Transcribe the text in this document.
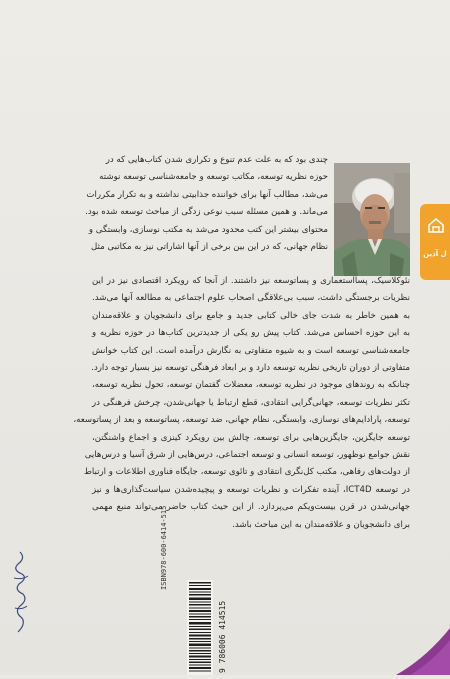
ل آذین
چندی بود که به علت عدم تنوع و تکراری شدن کتاب‌هایی که در
حوزه نظریه توسعه، مکاتب توسعه و جامعه‌شناسی توسعه نوشته
می‌شد، مطالب آنها برای خواننده جذابیتی نداشته و به تکرار مکررات
می‌ماند. و همین مسئله سبب نوعی زدگی از مباحث توسعه شده بود.
محتوای بیشتر این کتب محدود می‌شد به مکتب نوسازی، وابستگی و
نظام جهانی، که در این بین برخی از آنها اشاراتی نیز به مکاتبی مثل
نئوکلاسیک، پسااستعماری و پساتوسعه نیز داشتند. از آنجا که رویکرد اقتصادی نیز در این
نظریات برجستگی داشت، سبب بی‌علاقگی اصحاب علوم اجتماعی به مطالعه آنها می‌شد.
به همین خاطر به شدت جای خالی کتابی جدید و جامع برای دانشجویان و علاقه‌مندان
به این حوزه احساس می‌شد. کتاب پیش رو یکی از جدیدترین کتاب‌ها در حوزه نظریه و
جامعه‌شناسی توسعه است و به شیوه متفاوتی به نگارش درآمده است. این کتاب خوانش
متفاوتی از دوران تاریخی نظریه توسعه دارد و بر ابعاد فرهنگی توسعه نیز بسیار توجه دارد.
چنانکه به روندهای موجود در نظریه توسعه، معضلات گفتمان توسعه، تحول نظریه توسعه،
تکثر نظریات توسعه، جهانی‌گرایی انتقادی، قطع ارتباط یا جهانی‌شدن، چرخش فرهنگی در
توسعه، پارادایم‌های نوسازی، وابستگی، نظام جهانی، ضد توسعه، پساتوسعه و بعد از پساتوسعه،
توسعه جایگزین، جایگزین‌هایی برای توسعه، چالش بین رویکرد کینزی و اجماع واشنگتن،
نقش جوامع نوظهور، توسعه انسانی و توسعه اجتماعی، درس‌هایی از شرق آسیا و درس‌هایی
از دولت‌های رفاهی، مکتب کل‌نگری انتقادی و تائوی توسعه، جایگاه فناوری اطلاعات و ارتباط
در توسعه ICT4D، آینده تفکرات و نظریات توسعه و پیچیده‌شدن سیاست‌گذاری‌ها و نیز
جهانی‌شدن در قرن بیست‌ویکم می‌پردازد. از این حیث کتاب حاضر می‌تواند منبع مهمی
برای دانشجویان و علاقه‌مندان به این مباحث باشد.
ISBN978-600-6414-515
9 786006 414515
